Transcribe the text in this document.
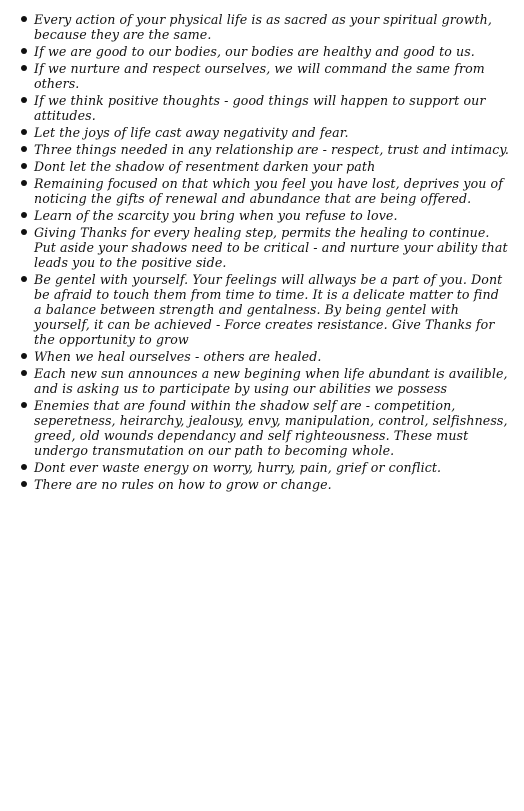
Every action of your physical life is as sacred as your spiritual growth, because they are the same.
If we are good to our bodies, our bodies are healthy and good to us.
If we nurture and respect ourselves, we will command the same from others.
If we think positive thoughts - good things will happen to support our attitudes.
Let the joys of life cast away negativity and fear.
Three things needed in any relationship are - respect, trust and intimacy.
Dont let the shadow of resentment darken your path
Remaining focused on that which you feel you have lost, deprives you of noticing the gifts of renewal and abundance that are being offered.
Learn of the scarcity you bring when you refuse to love.
Giving Thanks for every healing step, permits the healing to continue. Put aside your shadows need to be critical - and nurture your ability that leads you to the positive side.
Be gentel with yourself. Your feelings will allways be a part of you. Dont be afraid to touch them from time to time. It is a delicate matter to find a balance between strength and gentalness. By being gentel with yourself, it can be achieved - Force creates resistance. Give Thanks for the opportunity to grow
When we heal ourselves - others are healed.
Each new sun announces a new begining when life abundant is availible, and is asking us to participate by using our abilities we possess
Enemies that are found within the shadow self are - competition, seperetness, heirarchy, jealousy, envy, manipulation, control, selfishness, greed, old wounds dependancy and self righteousness. These must undergo transmutation on our path to becoming whole.
Dont ever waste energy on worry, hurry, pain, grief or conflict.
There are no rules on how to grow or change.
